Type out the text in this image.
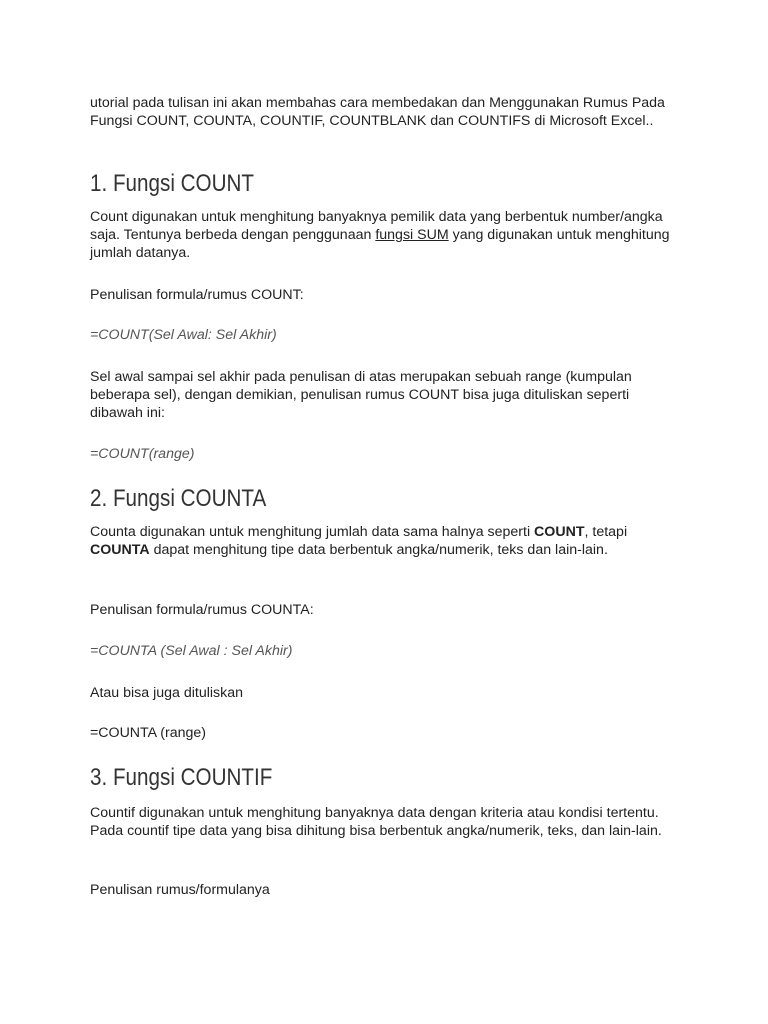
utorial pada tulisan ini akan membahas cara membedakan dan Menggunakan Rumus Pada Fungsi COUNT, COUNTA, COUNTIF, COUNTBLANK dan COUNTIFS di Microsoft Excel..

1. Fungsi COUNT

Count digunakan untuk menghitung banyaknya pemilik data yang berbentuk number/angka saja. Tentunya berbeda dengan penggunaan fungsi SUM yang digunakan untuk menghitung jumlah datanya.

Penulisan formula/rumus COUNT:

=COUNT(Sel Awal: Sel Akhir)

Sel awal sampai sel akhir pada penulisan di atas merupakan sebuah range (kumpulan beberapa sel), dengan demikian, penulisan rumus COUNT bisa juga dituliskan seperti dibawah ini:

=COUNT(range)

2. Fungsi COUNTA

Counta digunakan untuk menghitung jumlah data sama halnya seperti COUNT, tetapi COUNTA dapat menghitung tipe data berbentuk angka/numerik, teks dan lain-lain.

Penulisan formula/rumus COUNTA:

=COUNTA (Sel Awal : Sel Akhir)

Atau bisa juga dituliskan

=COUNTA (range)

3. Fungsi COUNTIF

Countif digunakan untuk menghitung banyaknya data dengan kriteria atau kondisi tertentu. Pada countif tipe data yang bisa dihitung bisa berbentuk angka/numerik, teks, dan lain-lain.

Penulisan rumus/formulanya
